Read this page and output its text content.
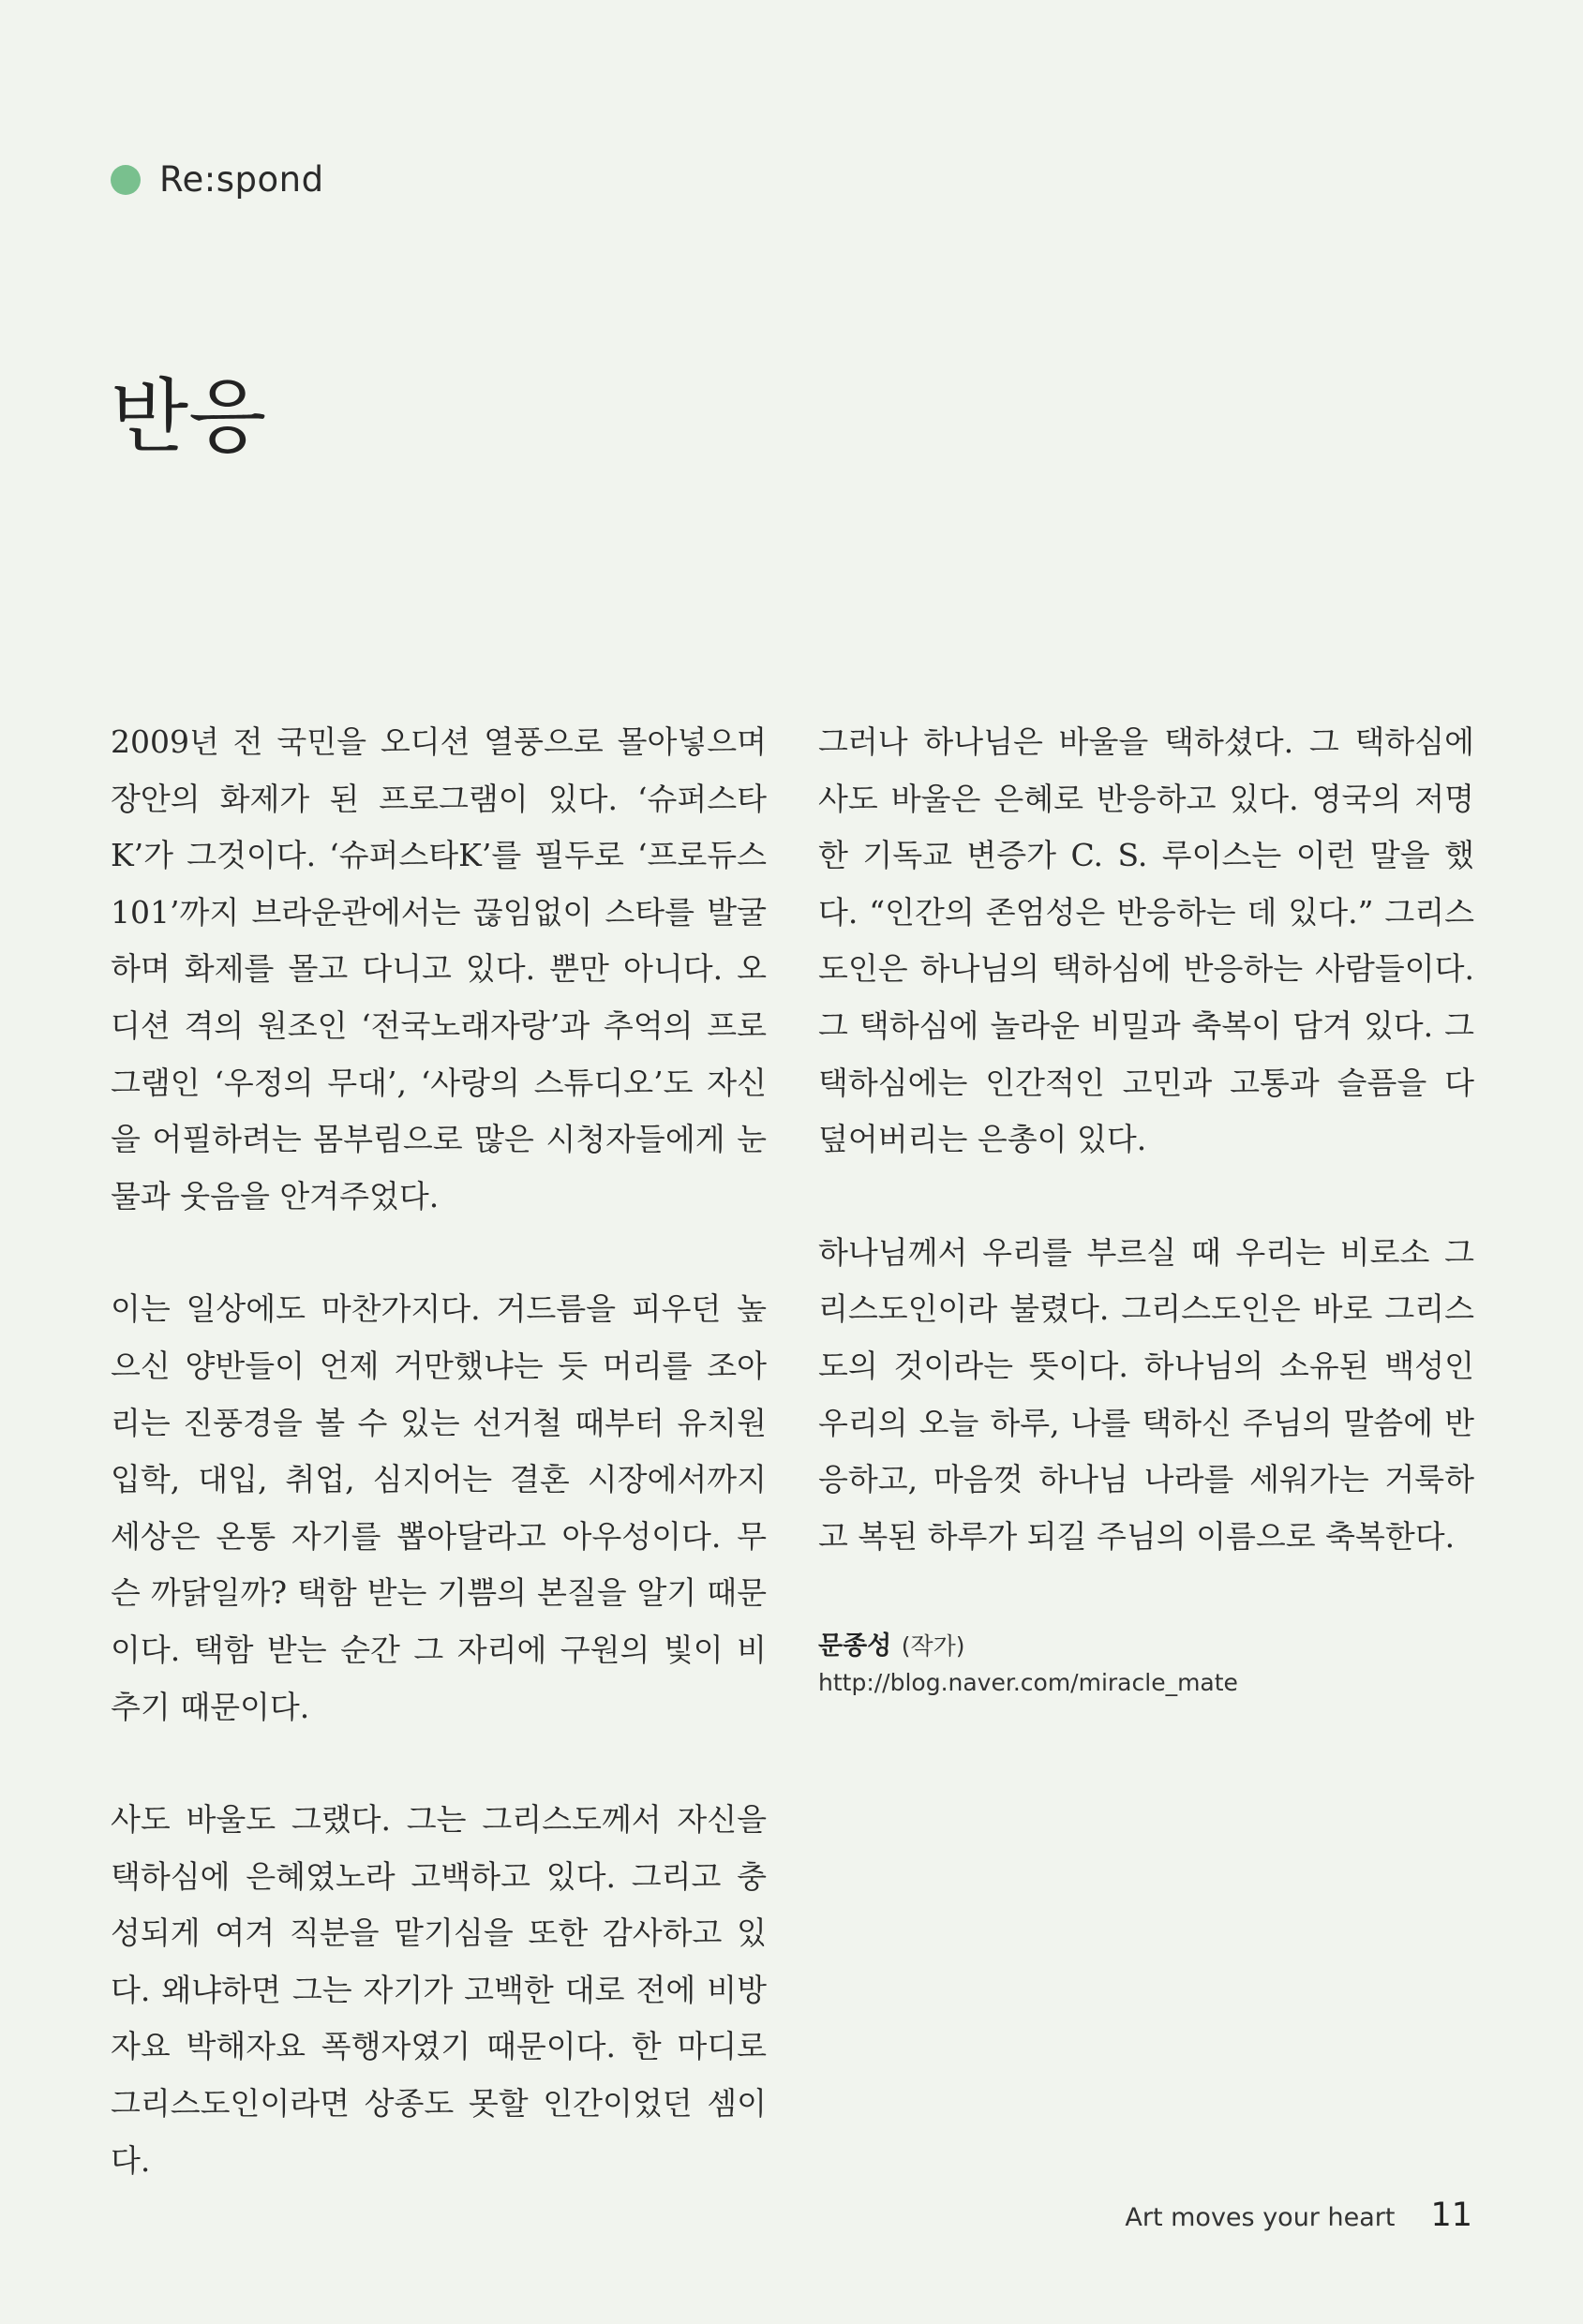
Re:spond
반응

2009년 전 국민을 오디션 열풍으로 몰아넣으며 장안의 화제가 된 프로그램이 있다. ‘슈퍼스타K’가 그것이다. ‘슈퍼스타K’를 필두로 ‘프로듀스 101’까지 브라운관에서는 끊임없이 스타를 발굴하며 화제를 몰고 다니고 있다. 뿐만 아니다. 오디션 격의 원조인 ‘전국노래자랑’과 추억의 프로그램인 ‘우정의 무대’, ‘사랑의 스튜디오’도 자신을 어필하려는 몸부림으로 많은 시청자들에게 눈물과 웃음을 안겨주었다.

이는 일상에도 마찬가지다. 거드름을 피우던 높으신 양반들이 언제 거만했냐는 듯 머리를 조아리는 진풍경을 볼 수 있는 선거철 때부터 유치원 입학, 대입, 취업, 심지어는 결혼 시장에서까지 세상은 온통 자기를 뽑아달라고 아우성이다. 무슨 까닭일까? 택함 받는 기쁨의 본질을 알기 때문이다. 택함 받는 순간 그 자리에 구원의 빛이 비추기 때문이다.

사도 바울도 그랬다. 그는 그리스도께서 자신을 택하심에 은혜였노라 고백하고 있다. 그리고 충성되게 여겨 직분을 맡기심을 또한 감사하고 있다. 왜냐하면 그는 자기가 고백한 대로 전에 비방자요 박해자요 폭행자였기 때문이다. 한 마디로 그리스도인이라면 상종도 못할 인간이었던 셈이다.

그러나 하나님은 바울을 택하셨다. 그 택하심에 사도 바울은 은혜로 반응하고 있다. 영국의 저명한 기독교 변증가 C. S. 루이스는 이런 말을 했다. “인간의 존엄성은 반응하는 데 있다.” 그리스도인은 하나님의 택하심에 반응하는 사람들이다. 그 택하심에 놀라운 비밀과 축복이 담겨 있다. 그 택하심에는 인간적인 고민과 고통과 슬픔을 다 덮어버리는 은총이 있다.

하나님께서 우리를 부르실 때 우리는 비로소 그리스도인이라 불렸다. 그리스도인은 바로 그리스도의 것이라는 뜻이다. 하나님의 소유된 백성인 우리의 오늘 하루, 나를 택하신 주님의 말씀에 반응하고, 마음껏 하나님 나라를 세워가는 거룩하고 복된 하루가 되길 주님의 이름으로 축복한다.

문종성 (작가)
http://blog.naver.com/miracle_mate
Art moves your heart 11
